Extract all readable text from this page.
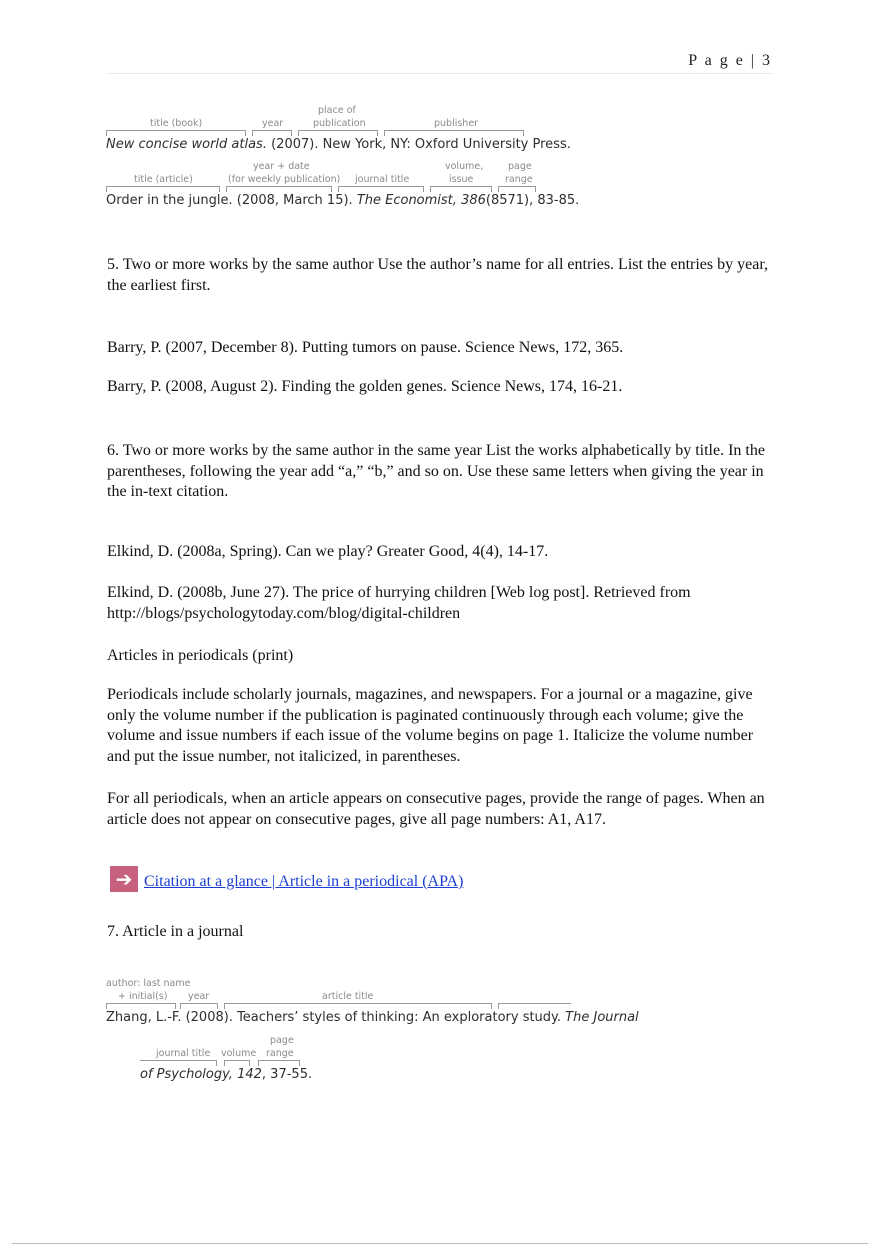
P a g e | 3
title (book)	year
place of
publication	publisher
New concise world atlas. (2007). New York, NY: Oxford University Press.
title (article)
year + date
(for weekly publication) journal title
volume,
issue
page
range
Order in the jungle. (2008, March 15). The Economist, 386(8571), 83-85.

5. Two or more works by the same author Use the author’s name for all entries. List the entries by year, the earliest first.

Barry, P. (2007, December 8). Putting tumors on pause. Science News, 172, 365.

Barry, P. (2008, August 2). Finding the golden genes. Science News, 174, 16-21.

6. Two or more works by the same author in the same year List the works alphabetically by title. In the parentheses, following the year add “a,” “b,” and so on. Use these same letters when giving the year in the in-text citation.

Elkind, D. (2008a, Spring). Can we play? Greater Good, 4(4), 14-17.

Elkind, D. (2008b, June 27). The price of hurrying children [Web log post]. Retrieved from http://blogs/psychologytoday.com/blog/digital-children

Articles in periodicals (print)

Periodicals include scholarly journals, magazines, and newspapers. For a journal or a magazine, give only the volume number if the publication is paginated continuously through each volume; give the volume and issue numbers if each issue of the volume begins on page 1. Italicize the volume number and put the issue number, not italicized, in parentheses.

For all periodicals, when an article appears on consecutive pages, provide the range of pages. When an article does not appear on consecutive pages, give all page numbers: A1, A17.

➔ Citation at a glance | Article in a periodical (APA)

7. Article in a journal

author: last name
+ initial(s) year	article title
Zhang, L.-F. (2008). Teachers’ styles of thinking: An exploratory study. The Journal
page
journal title volume range
of Psychology, 142, 37-55.
